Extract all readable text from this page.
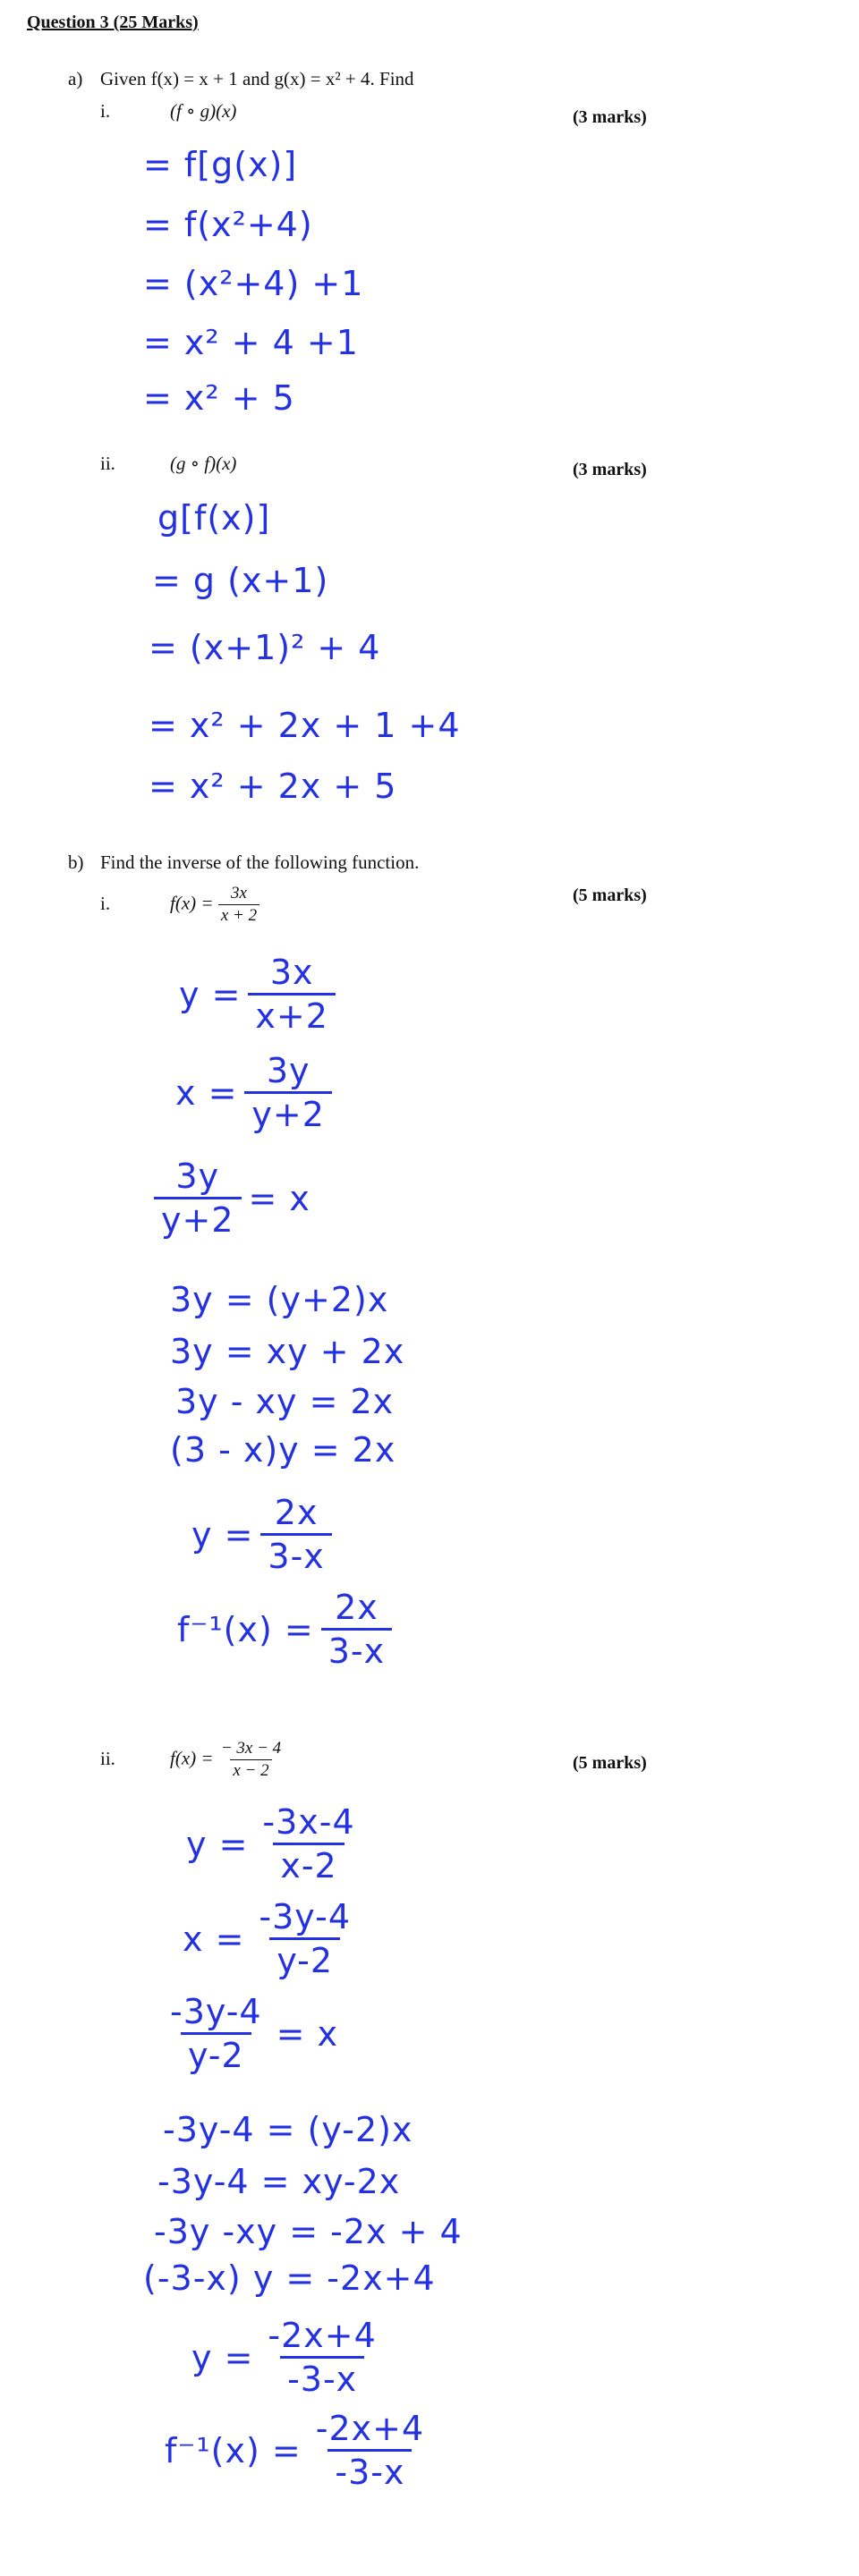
Question 3 (25 Marks)
a) Given f(x) = x + 1 and g(x) = x² + 4. Find
i.	(f ∘ g)(x)	(3 marks)
= f[g(x)]
= f(x²+4)
= (x²+4) +1
= x² + 4 +1
= x² + 5
ii.	(g ∘ f)(x)	(3 marks)
g[f(x)]
= g (x+1)
= (x+1)² + 4
= x² + 2x + 1 +4
= x² + 2x + 5
b) Find the inverse of the following function.
i.	$f(x) = \frac{3x}{x + 2}$	(5 marks)
$y = \frac{3x}{x+2}$
$x = \frac{3y}{y+2}$
$\frac{3y}{y+2} = x$
3y = (y+2)x
3y = xy + 2x
3y - xy = 2x
(3 - x)y = 2x
$y = \frac{2x}{3-x}$
$f^{-1}(x) = \frac{2x}{3-x}$
ii.	$f(x) = \frac{- 3x - 4}{x - 2}$	(5 marks)
$y = \frac{-3x-4}{x-2}$
$x = \frac{-3y-4}{y-2}$
$\frac{-3y-4}{y-2} = x$
-3y-4 = (y-2)x
-3y-4 = xy-2x
-3y -xy = -2x + 4
(-3-x) y = -2x+4
$y = \frac{-2x+4}{-3-x}$
$f^{-1}(x) = \frac{-2x+4}{-3-x}$
